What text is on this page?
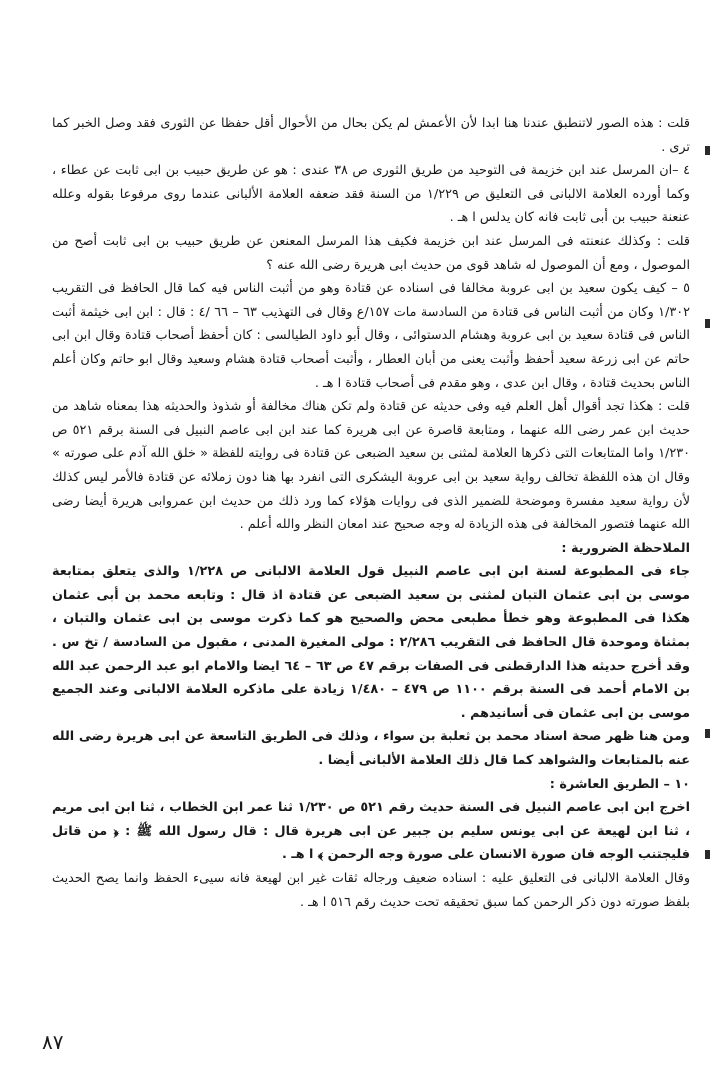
قلت : هذه الصور لاتنطبق عندنا هنا ابدا لأن الأعمش لم يكن بحال من الأحوال أقل حفظا عن الثورى فقد وصل الخبر كما ترى .

٤ –ان المرسل عند ابن خزيمة فى التوحيد من طريق الثورى ص ٣٨ عندى : هو عن طريق حبيب بن ابى ثابت عن عطاء ، وكما أورده العلامة الالبانى فى التعليق ص ١/٢٢٩ من السنة فقد ضعفه العلامة الألبانى عندما روى مرفوعا بقوله وعلله عنعنة حبيب بن أبى ثابت فانه كان يدلس ا هـ .

قلت : وكذلك عنعنته فى المرسل عند ابن خزيمة فكيف هذا المرسل المعنعن عن طريق حبيب بن ابى ثابت أصح من الموصول ، ومع أن الموصول له شاهد قوى من حديث ابى هريرة رضى الله عنه ؟

٥ – كيف يكون سعيد بن ابى عروبة مخالفا فى اسناده عن قتادة وهو من أثبت الناس فيه كما قال الحافظ فى التقريب ١/٣٠٢ وكان من أثبت الناس فى قتادة من السادسة مات ١٥٧/ع وقال فى التهذيب ٦٣ – ٦٦ /٤ : قال : ابن ابى خيثمة أثبت الناس فى قتادة سعيد بن ابى عروبة وهشام الدستوائى ، وقال أبو داود الطيالسى : كان أحفظ أصحاب قتادة وقال ابن ابى حاتم عن ابى زرعة سعيد أحفظ وأثبت يعنى من أبان العطار ، وأثبت أصحاب قتادة هشام وسعيد وقال ابو حاتم وكان أعلم الناس بحديث قتادة ، وقال ابن عدى ، وهو مقدم فى أصحاب قتادة ا هـ .

قلت : هكذا تجد أقوال أهل العلم فيه وفى حديثه عن قتادة ولم تكن هناك مخالفة أو شذوذ والحديثه هذا بمعناه شاهد من حديث ابن عمر رضى الله عنهما ، ومتابعة قاصرة عن ابى هريرة كما عند ابن ابى عاصم النبيل فى السنة برقم ٥٢١ ص ١/٢٣٠ واما المتابعات التى ذكرها العلامة لمثنى بن سعيد الضبعى عن قتادة فى روايته للفظة « خلق الله آدم على صورته » وقال ان هذه اللفظة تخالف رواية سعيد بن ابى عروبة اليشكرى التى انفرد بها هنا دون زملائه عن قتادة فالأمر ليس كذلك لأن رواية سعيد مفسرة وموضحة للضمير الذى فى روايات هؤلاء كما ورد ذلك من حديث ابن عمروابى هريرة أيضا رضى الله عنهما فتصور المخالفة فى هذه الزيادة له وجه صحيح عند امعان النظر والله أعلم .

الملاحظة الضرورية :

جاء فى المطبوعة لسنة ابن ابى عاصم النبيل قول العلامة الالبانى ص ١/٢٢٨ والذى يتعلق بمتابعة موسى بن ابى عثمان التبان لمثنى بن سعيد الضبعى عن قتادة اذ قال : وتابعه محمد بن أبى عثمان هكذا فى المطبوعة وهو خطأ مطبعى محض والصحيح هو كما ذكرت موسى بن ابى عثمان والتبان ، بمثناة وموحدة قال الحافظ فى التقريب ٢/٢٨٦ : مولى المغيرة المدنى ، مقبول من السادسة / تخ س . وقد أخرج حديثه هذا الدارقطنى فى الصفات برقم ٤٧ ص ٦٣ – ٦٤ ايضا والامام ابو عبد الرحمن عبد الله بن الامام أحمد فى السنة برقم ١١٠٠ ص ٤٧٩ – ١/٤٨٠ زيادة على ماذكره العلامة الالبانى وعند الجميع موسى بن ابى عثمان فى أسانيدهم .

ومن هنا ظهر صحة اسناد محمد بن ثعلبة بن سواء ، وذلك فى الطريق التاسعة عن ابى هريرة رضى الله عنه بالمتابعات والشواهد كما قال ذلك العلامة الألبانى أيضا .

١٠ – الطريق العاشرة :

اخرج ابن ابى عاصم النبيل فى السنة حديث رقم ٥٢١ ص ١/٢٣٠ ثنا عمر ابن الخطاب ، ثنا ابن ابى مريم ، ثنا ابن لهيعة عن ابى يونس سليم بن جبير عن ابى هريرة قال : قال رسول الله ﷺ : ﴿ من قاتل فليجتنب الوجه فان صورة الانسان على صورة وجه الرحمن ﴾ ا هـ .

وقال العلامة الالبانى فى التعليق عليه : اسناده ضعيف ورجاله ثقات غير ابن لهيعة فانه سيىء الحفظ وانما يصح الحديث بلفظ صورته دون ذكر الرحمن كما سبق تحقيقه تحت حديث رقم ٥١٦ ا هـ .

٨٧
